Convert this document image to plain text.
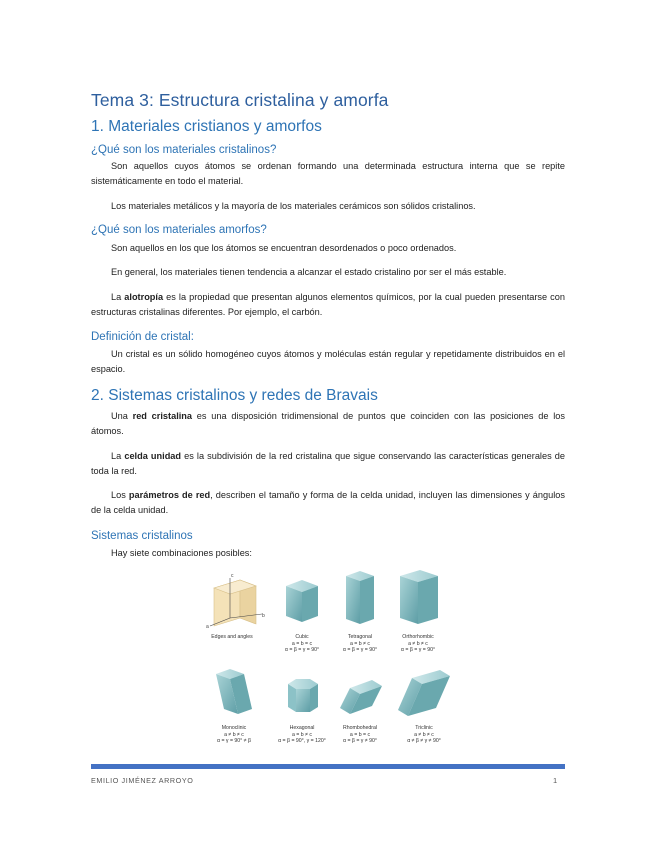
Tema 3: Estructura cristalina y amorfa
1. Materiales cristianos y amorfos
¿Qué son los materiales cristalinos?
Son aquellos cuyos átomos se ordenan formando una determinada estructura interna que se repite sistemáticamente en todo el material.
Los materiales metálicos y la mayoría de los materiales cerámicos son sólidos cristalinos.
¿Qué son los materiales amorfos?
Son aquellos en los que los átomos se encuentran desordenados o poco ordenados.
En general, los materiales tienen tendencia a alcanzar el estado cristalino por ser el más estable.
La alotropía es la propiedad que presentan algunos elementos químicos, por la cual pueden presentarse con estructuras cristalinas diferentes. Por ejemplo, el carbón.
Definición de cristal:
Un cristal es un sólido homogéneo cuyos átomos y moléculas están regular y repetidamente distribuidos en el espacio.
2. Sistemas cristalinos y redes de Bravais
Una red cristalina es una disposición tridimensional de puntos que coinciden con las posiciones de los átomos.
La celda unidad es la subdivisión de la red cristalina que sigue conservando las características generales de toda la red.
Los parámetros de red, describen el tamaño y forma de la celda unidad, incluyen las dimensiones y ángulos de la celda unidad.
Sistemas cristalinos
Hay siete combinaciones posibles:
c
b
a
Edges and angles	Cubic
a = b = c
α = β = γ = 90°
Tetragonal
a = b ≠ c
α = β = γ = 90°
Orthorhombic
a ≠ b ≠ c
α = β = γ = 90°
Monoclinic
a ≠ b ≠ c
α = γ = 90° ≠ β
Hexagonal
a = b ≠ c
α = β = 90°, γ = 120°
Rhombohedral
a = b = c
α = β = γ ≠ 90°
Triclinic
a ≠ b ≠ c
α ≠ β ≠ γ ≠ 90°
EMILIO JIMÉNEZ ARROYO	1
